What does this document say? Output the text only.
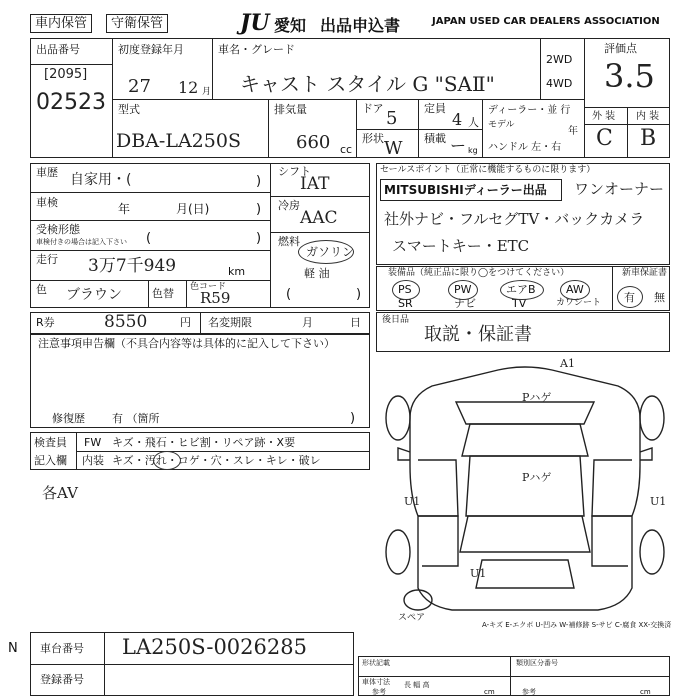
車内保管	守衛保管	JU 愛知 出品申込書	JAPAN USED CAR DEALERS ASSOCIATION
出品番号
[2095]
02523
初度登録年月
27 12 月
車名・グレード
キャスト スタイル G "SAⅡ"
2WD
4WD
評価点
3.5
外 装 内 装
C B
型式
DBA-LA250S
排気量
660 cc
ドア 5
形状 W
定員
4 人
積載 ー kg
ディーラー・並 行
モデル
年
ハンドル 左・右
車歴 自家用・(	)
車検	年	月(日)	)
受検形態
車検付きの場合は記入下さい (	)
走行 3万7千949	km
色 ブラウン	色替 色コード
R59
シフト
IAT
冷房
AAC
燃料
ガソリン
軽 油
(	)
セールスポイント（正常に機能するものに限ります）
MITSUBISHIディーラー出品 ワンオーナー
社外ナビ・フルセグTV・バックカメラ
スマートキー・ETC
装備品（純正品に限り◯をつけてください）
PS	PW	エアB	AW
SR	ナビ	TV	カワシート
新車保証書
有 無
R券	8550	円 名変期限	月	日 後日品
取説・保証書
注意事項申告欄（不具合内容等は具体的に記入して下さい）
修復歴 有 （箇所	)
検査員
記入欄
FW キズ・飛石・ヒビ割・リペア跡・X要
内装 キズ・汚れ・コゲ・穴・スレ・キレ・破レ
各AV
A1
Pハゲ
Pハゲ
U1	U1
U1
スペア
A-キズ E-エクボ U-凹み W-補修跡 S-サビ C-腐食 XX-交換済
N 車台番号 LA250S-0026285
登録番号
形状記載
車体寸法
参考
長 幅 高
cm
類別区分番号
参考	cm
